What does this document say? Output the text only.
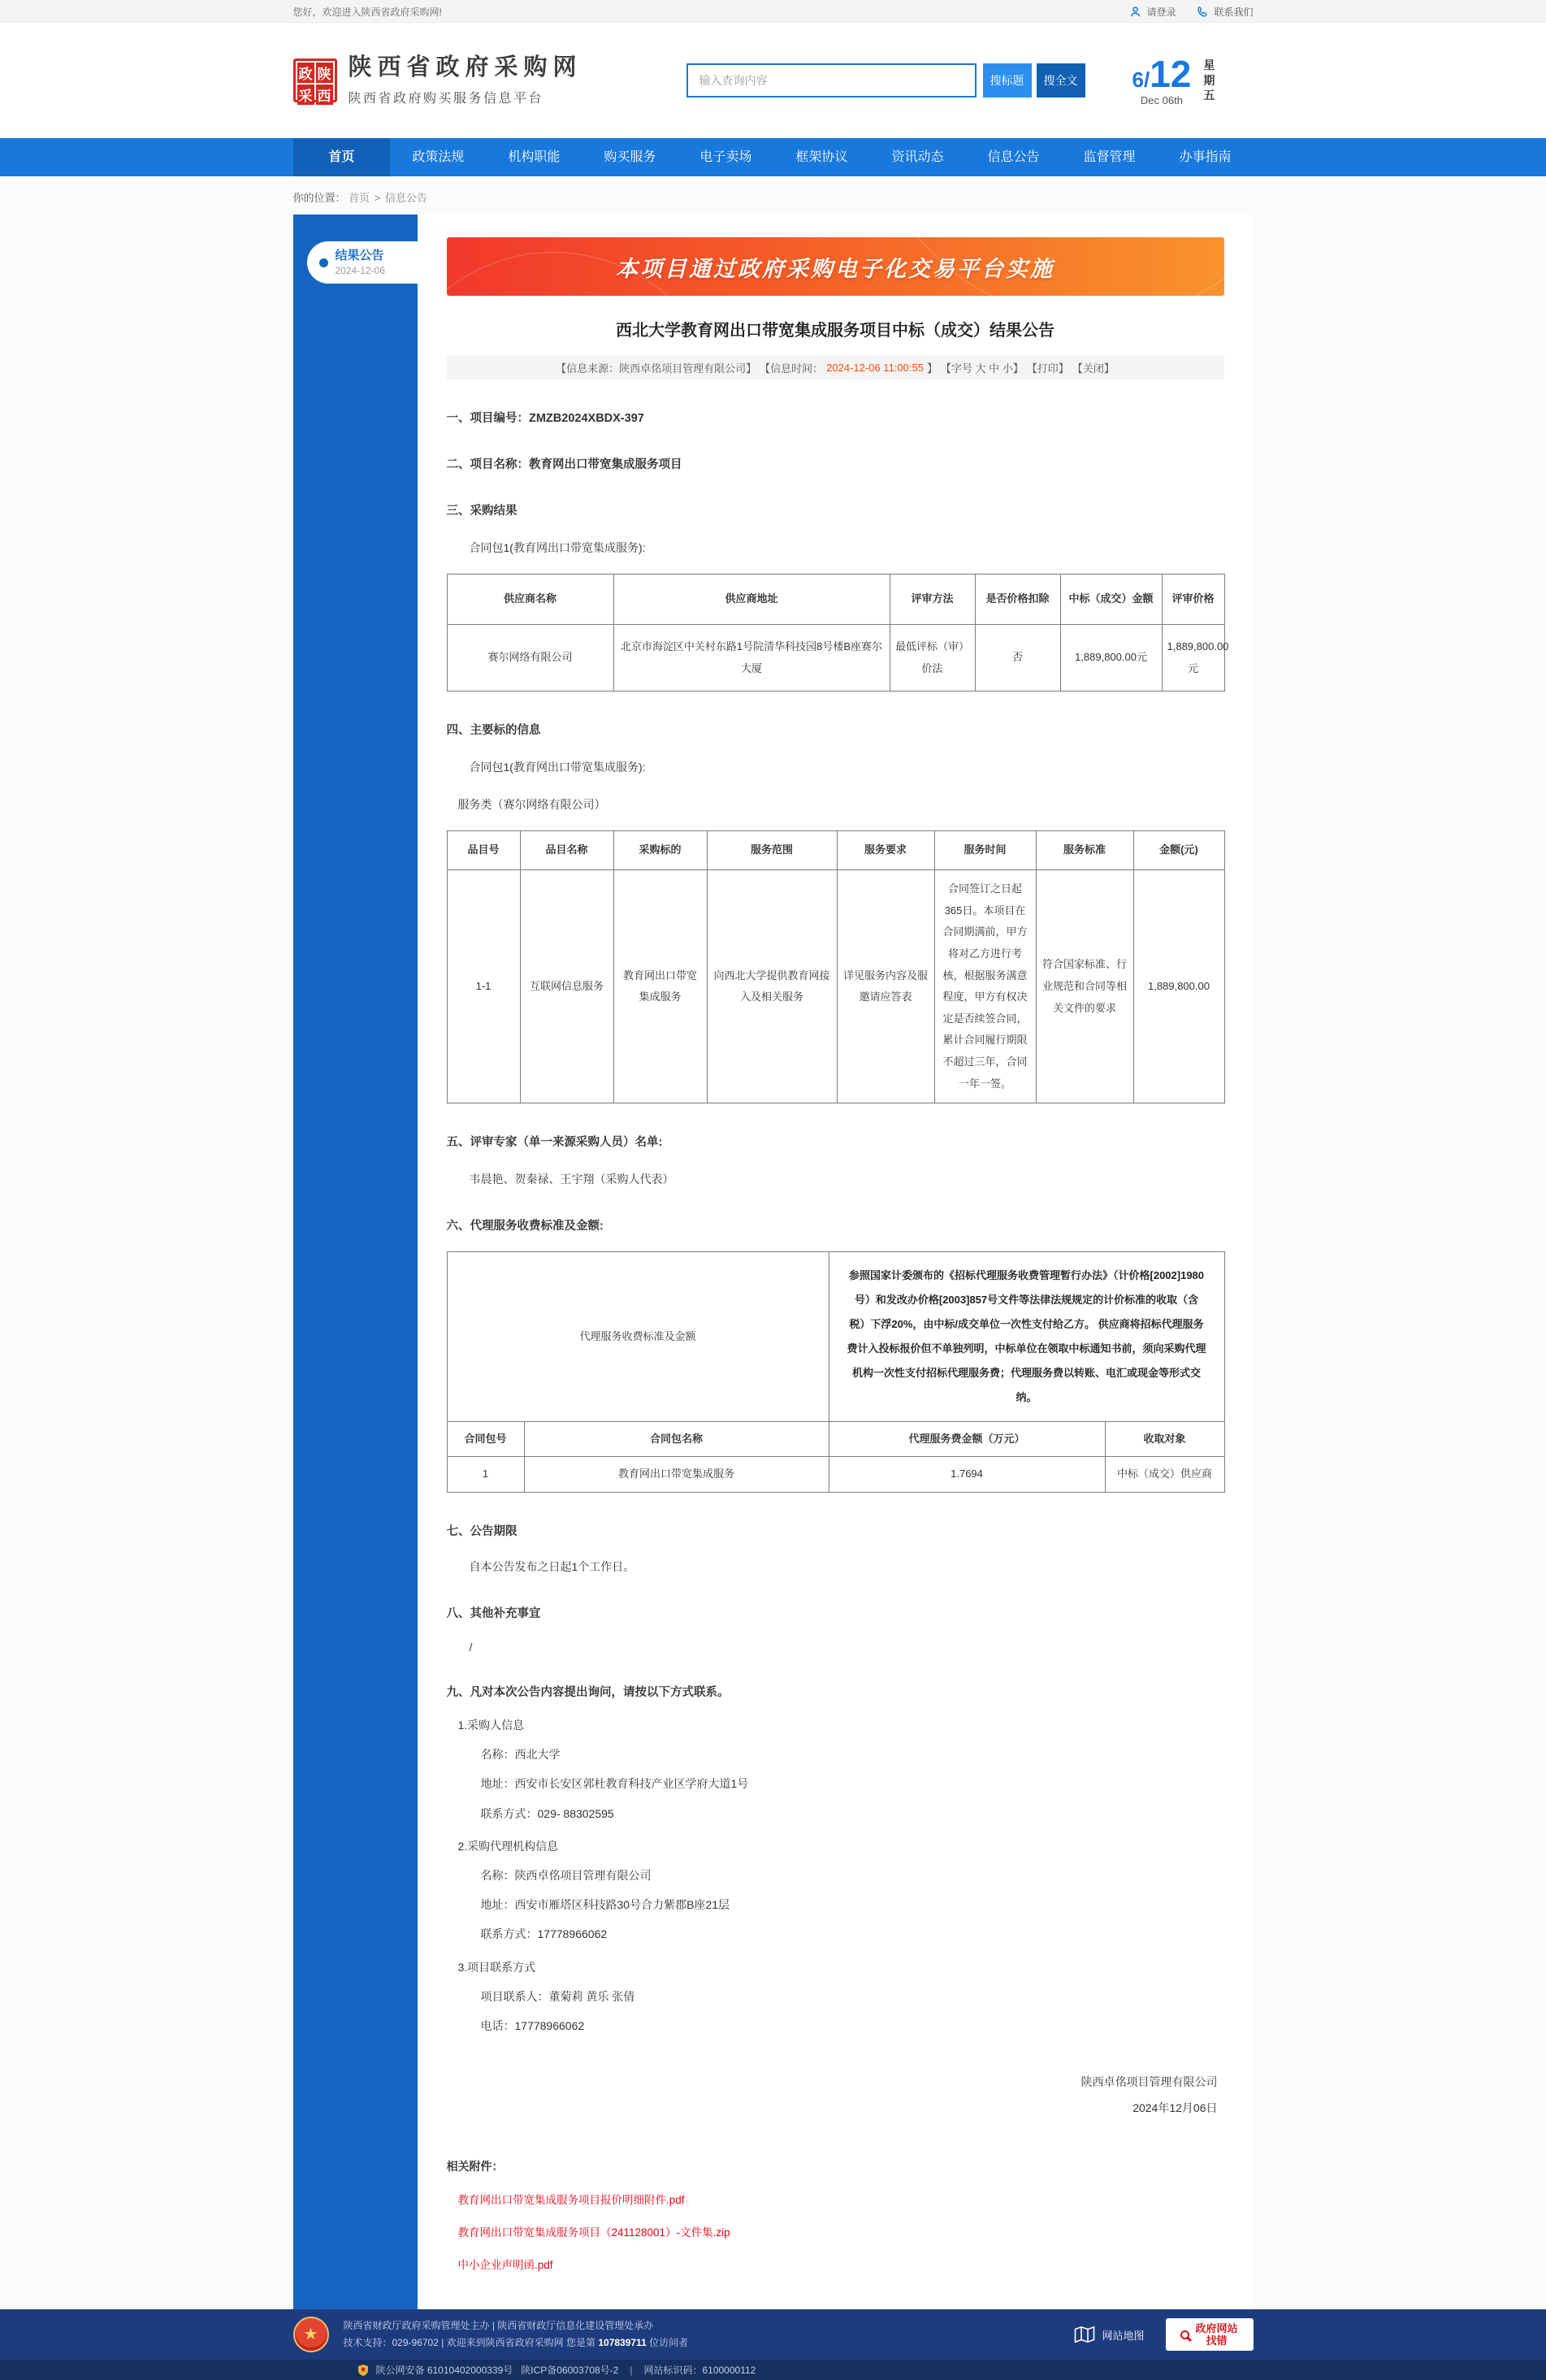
您好，欢迎进入陕西省政府采购网!	请登录	联系我们
政 陕
采 西
陕西省政府采购网
陕西省政府购买服务信息平台
输入查询内容
搜标题	搜全文	6/12
Dec 06th
星期五
首页	政策法规	机构职能	购买服务	电子卖场	框架协议	资讯动态	信息公告	监督管理	办事指南
你的位置： 首页 > 信息公告
结果公告
2024-12-06	本项目通过政府采购电子化交易平台实施
西北大学教育网出口带宽集成服务项目中标（成交）结果公告
【信息来源：陕西卓佲项目管理有限公司】 【信息时间： 2024-12-06 11:00:55 】 【字号 大 中 小】 【打印】 【关闭】
一、项目编号：ZMZB2024XBDX-397
二、项目名称：教育网出口带宽集成服务项目
三、采购结果
合同包1(教育网出口带宽集成服务):
供应商名称	供应商地址	评审方法	是否价格扣除	中标（成交）金额	评审价格
赛尔网络有限公司	北京市海淀区中关村东路1号院清华科技园8号楼B座赛尔大厦	最低评标（审）价法	否	1,889,800.00元	1,889,800.00元
四、主要标的信息
合同包1(教育网出口带宽集成服务):
服务类（赛尔网络有限公司）
品目号	品目名称	采购标的	服务范围	服务要求	服务时间	服务标准	金额(元)
1-1	互联网信息服务	教育网出口带宽集成服务	向西北大学提供教育网接入及相关服务	详见服务内容及服邀请应答表	合同签订之日起365日。本项目在合同期满前，甲方将对乙方进行考核，根据服务满意程度，甲方有权决定是否续签合同，累计合同履行期限不超过三年，合同一年一签。	符合国家标准、行业规范和合同等相关文件的要求	1,889,800.00
五、评审专家（单一来源采购人员）名单:
韦晨艳、贺秦禄、王宇翔（采购人代表）
六、代理服务收费标准及金额:
代理服务收费标准及金额		参照国家计委颁布的《招标代理服务收费管理暂行办法》（计价格[2002]1980号）和发改办价格[2003]857号文件等法律法规规定的计价标准的收取（含税）下浮20%，由中标/成交单位一次性支付给乙方。 供应商将招标代理服务费计入投标报价但不单独列明，中标单位在领取中标通知书前，须向采购代理机构一次性支付招标代理服务费；代理服务费以转账、电汇或现金等形式交纳。	
合同包号	合同包名称	代理服务费金额（万元）	收取对象
1	教育网出口带宽集成服务	1.7694	中标（成交）供应商
七、公告期限
自本公告发布之日起1个工作日。
八、其他补充事宜
/
九、凡对本次公告内容提出询问，请按以下方式联系。
1.采购人信息
名称：西北大学
地址：西安市长安区郭杜教育科技产业区学府大道1号
联系方式：029- 88302595
2.采购代理机构信息
名称：陕西卓佲项目管理有限公司
地址：西安市雁塔区科技路30号合力紫郡B座21层
联系方式：17778966062
3.项目联系方式
项目联系人：董菊莉 黄乐 张倩
电话：17778966062
陕西卓佲项目管理有限公司
2024年12月06日
相关附件：
教育网出口带宽集成服务项目报价明细附件.pdf
教育网出口带宽集成服务项目（241128001）-文件集.zip
中小企业声明函.pdf
★	陕西省财政厅政府采购管理处主办 | 陕西省财政厅信息化建设管理处承办
技术支持：029-96702 | 欢迎来到陕西省政府采购网 您是第 107839711 位访问者
网站地图
政府网站
找错
陕公网安备 61010402000339号 陕ICP备06003708号-2 | 网站标识码：6100000112
